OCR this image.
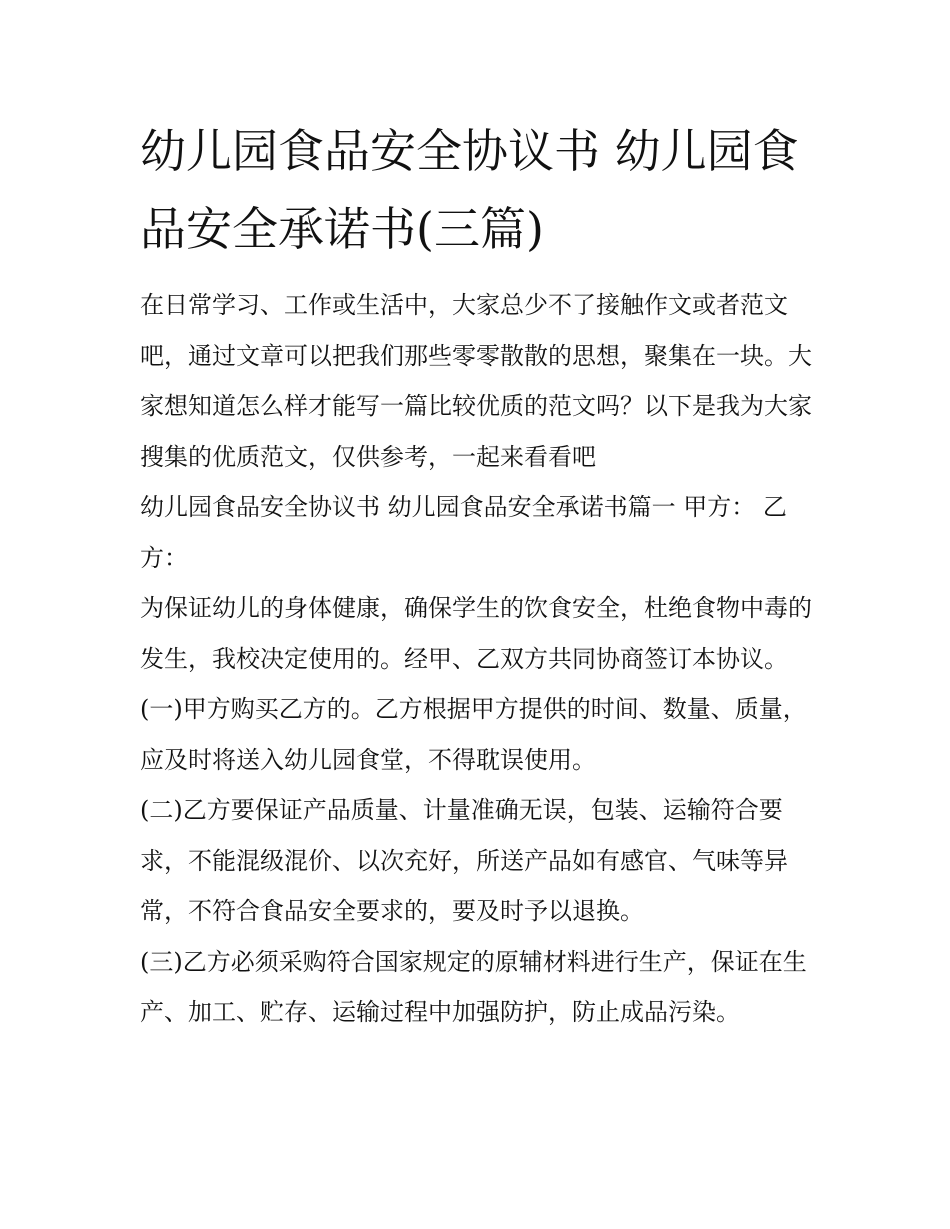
幼儿园食品安全协议书 幼儿园食品安全承诺书(三篇)

在日常学习、工作或生活中，大家总少不了接触作文或者范文吧，通过文章可以把我们那些零零散散的思想，聚集在一块。大家想知道怎么样才能写一篇比较优质的范文吗？以下是我为大家搜集的优质范文，仅供参考，一起来看看吧

幼儿园食品安全协议书 幼儿园食品安全承诺书篇一 甲方： 乙方：

为保证幼儿的身体健康，确保学生的饮食安全，杜绝食物中毒的发生，我校决定使用的。经甲、乙双方共同协商签订本协议。

(一)甲方购买乙方的。乙方根据甲方提供的时间、数量、质量，应及时将送入幼儿园食堂，不得耽误使用。

(二)乙方要保证产品质量、计量准确无误，包装、运输符合要求，不能混级混价、以次充好，所送产品如有感官、气味等异常，不符合食品安全要求的，要及时予以退换。

(三)乙方必须采购符合国家规定的原辅材料进行生产，保证在生产、加工、贮存、运输过程中加强防护，防止成品污染。
